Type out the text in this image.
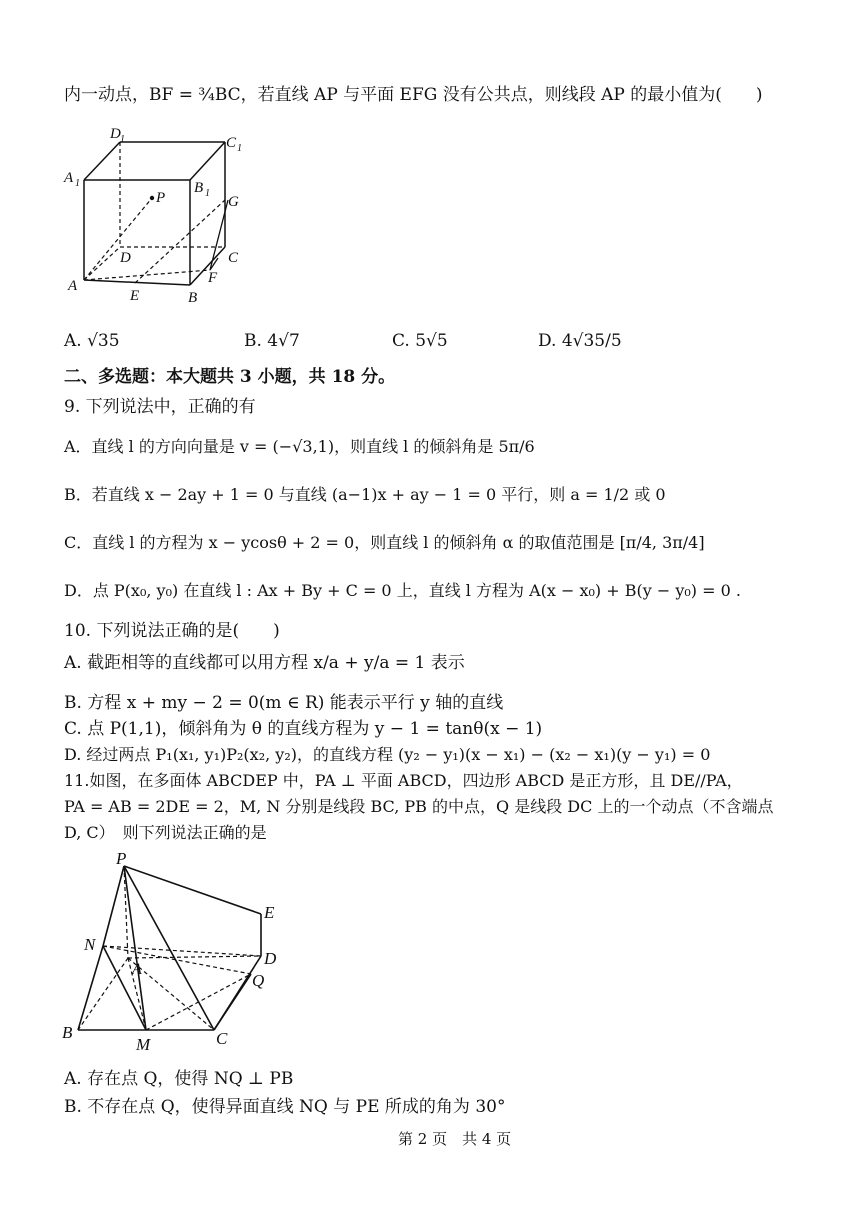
内一动点，BF = ¾BC，若直线 AP 与平面 EFG 没有公共点，则线段 AP 的最小值为(　　)
D 1	C 1
A 1	B 1
P	G
D	C
A
E
F
B
A. √35	B. 4√7	C. 5√5	D. 4√35/5
二、多选题：本大题共 3 小题，共 18 分。
9. 下列说法中，正确的有
A．直线 l 的方向向量是 v = (−√3,1)，则直线 l 的倾斜角是 5π/6
B．若直线 x − 2ay + 1 = 0 与直线 (a−1)x + ay − 1 = 0 平行，则 a = 1/2 或 0
C．直线 l 的方程为 x − ycosθ + 2 = 0，则直线 l 的倾斜角 α 的取值范围是 [π/4, 3π/4]
D．点 P(x₀, y₀) 在直线 l : Ax + By + C = 0 上，直线 l 方程为 A(x − x₀) + B(y − y₀) = 0 .
10. 下列说法正确的是(　　)
A. 截距相等的直线都可以用方程 x/a + y/a = 1 表示
B. 方程 x + my − 2 = 0(m ∈ R) 能表示平行 y 轴的直线
C. 点 P(1,1)，倾斜角为 θ 的直线方程为 y − 1 = tanθ(x − 1)
D. 经过两点 P₁(x₁, y₁)P₂(x₂, y₂)，的直线方程 (y₂ − y₁)(x − x₁) − (x₂ − x₁)(y − y₁) = 0
11.如图，在多面体 ABCDEP 中，PA ⊥ 平面 ABCD，四边形 ABCD 是正方形，且 DE//PA，
PA = AB = 2DE = 2，M, N 分别是线段 BC, PB 的中点，Q 是线段 DC 上的一个动点（不含端点
D, C）　则下列说法正确的是
P
E
N
A
D
Q
B
M	C
A. 存在点 Q，使得 NQ ⊥ PB
B. 不存在点 Q，使得异面直线 NQ 与 PE 所成的角为 30°
第 2 页　共 4 页
